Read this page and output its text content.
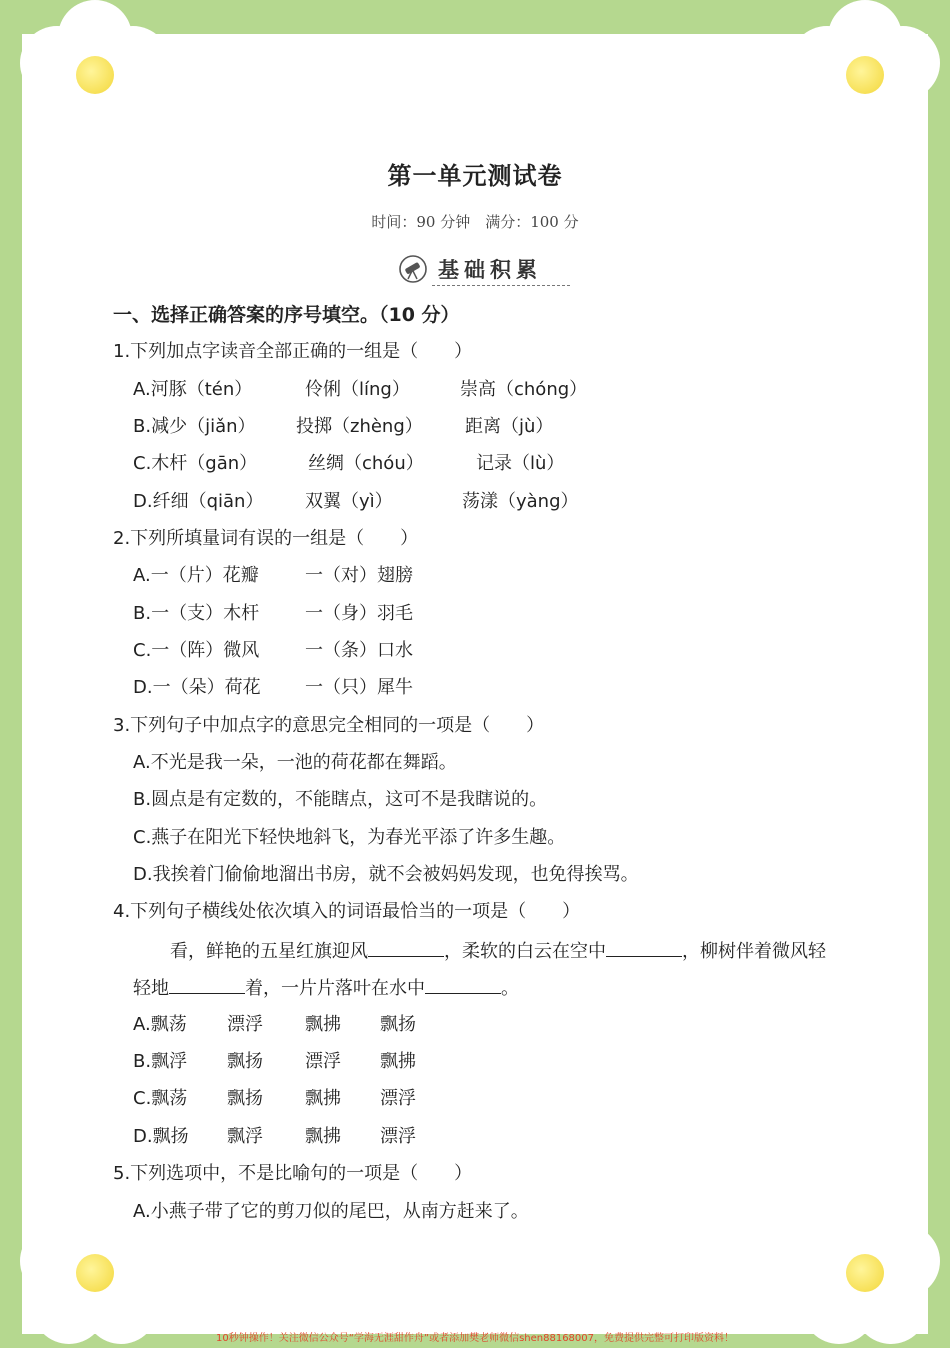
第一单元测试卷
时间：90 分钟　满分：100 分
基础积累
一、选择正确答案的序号填空。（10 分）
1.下列加点字读音全部正确的一组是（　　）
A.河豚（tén）	伶俐（líng）	崇高（chóng）
B.减少（jiǎn） 投掷（zhèng） 距离（jù）
C.木杆（gān）	丝绸（chóu）	记录（lù）
D.纤细（qiān） 双翼（yì）	荡漾（yàng）
2.下列所填量词有误的一组是（　　）
A.一（片）花瓣	一（对）翅膀
B.一（支）木杆	一（身）羽毛
C.一（阵）微风	一（条）口水
D.一（朵）荷花 一（只）犀牛
3.下列句子中加点字的意思完全相同的一项是（　　）
A.不光是我一朵，一池的荷花都在舞蹈。
B.圆点是有定数的，不能瞎点，这可不是我瞎说的。
C.燕子在阳光下轻快地斜飞，为春光平添了许多生趣。
D.我挨着门偷偷地溜出书房，就不会被妈妈发现，也免得挨骂。
4.下列句子横线处依次填入的词语最恰当的一项是（　　）
看，鲜艳的五星红旗迎风	，柔软的白云在空中	，柳树伴着微风轻
轻地	着，一片片落叶在水中	。
A.飘荡 漂浮 飘拂 飘扬
B.飘浮 飘扬 漂浮 飘拂
C.飘荡 飘扬 飘拂 漂浮
D.飘扬 飘浮 飘拂 漂浮
5.下列选项中，不是比喻句的一项是（　　）
A.小燕子带了它的剪刀似的尾巴，从南方赶来了。
10秒钟操作！关注微信公众号“学海无涯甜作舟”或者添加樊老师微信shen88168007，免费提供完整可打印版资料！
